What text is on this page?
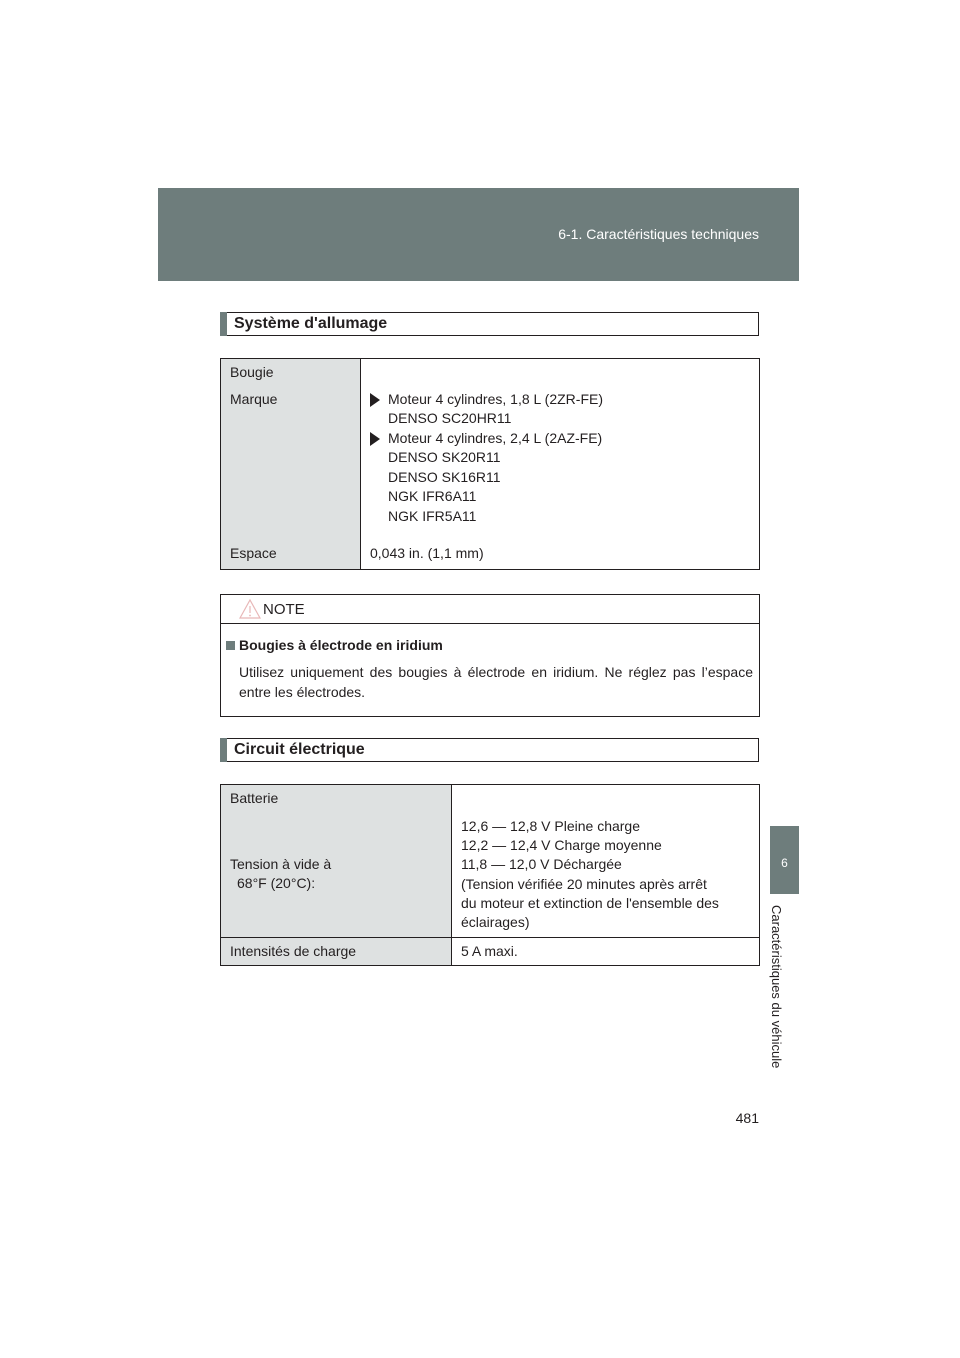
6-1. Caractéristiques techniques
6
Caractéristiques du véhicule
Système d'allumage
Bougie
Marque
Espace
Moteur 4 cylindres, 1,8 L (2ZR-FE)
DENSO SC20HR11
Moteur 4 cylindres, 2,4 L (2AZ-FE)
DENSO SK20R11
DENSO SK16R11
NGK IFR6A11
NGK IFR5A11
0,043 in. (1,1 mm)
NOTE
Bougies à électrode en iridium
Utilisez uniquement des bougies à électrode en iridium. Ne réglez pas l’espace entre les électrodes.
Circuit électrique
Batterie
Tension à vide à
68°F (20°C):
12,6 — 12,8 V Pleine charge
12,2 — 12,4 V Charge moyenne
11,8 — 12,0 V Déchargée
(Tension vérifiée 20 minutes après arrêt
du moteur et extinction de l'ensemble des
éclairages)
Intensités de charge	5 A maxi.
481
